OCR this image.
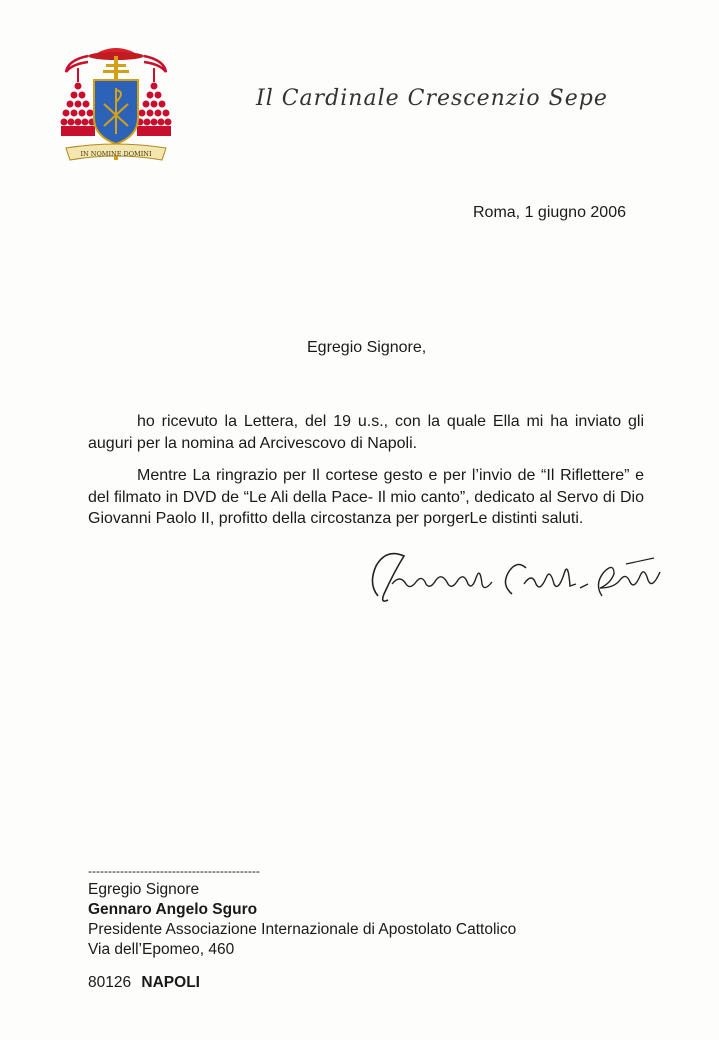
IN NOMINE DOMINI
Il Cardinale Crescenzio Sepe
Roma, 1 giugno 2006
Egregio Signore,

ho ricevuto la Lettera, del 19 u.s., con la quale Ella mi ha inviato gli auguri per la nomina ad Arcivescovo di Napoli.

Mentre La ringrazio per Il cortese gesto e per l’invio de “Il Riflettere” e del filmato in DVD de “Le Ali della Pace- Il mio canto”, dedicato al Servo di Dio Giovanni Paolo II, profitto della circostanza per porgerLe distinti saluti.

-------------------------------------------
Egregio Signore
Gennaro Angelo Sguro
Presidente Associazione Internazionale di Apostolato Cattolico
Via dell’Epomeo, 460
80126 NAPOLI
